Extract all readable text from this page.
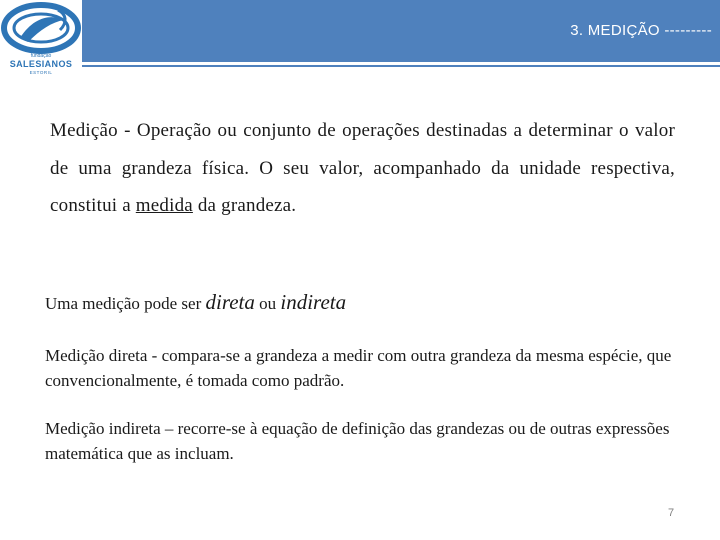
3. MEDIÇÃO ---------
fundação
SALESIANOS
ESTORIL

Medição - Operação ou conjunto de operações destinadas a determinar o valor de uma grandeza física. O seu valor, acompanhado da unidade respectiva, constitui a medida da grandeza.

Uma medição pode ser direta ou indireta

Medição direta - compara-se a grandeza a medir com outra grandeza da mesma espécie, que convencionalmente, é tomada como padrão.

Medição indireta – recorre-se à equação de definição das grandezas ou de outras expressões matemática que as incluam.

7
